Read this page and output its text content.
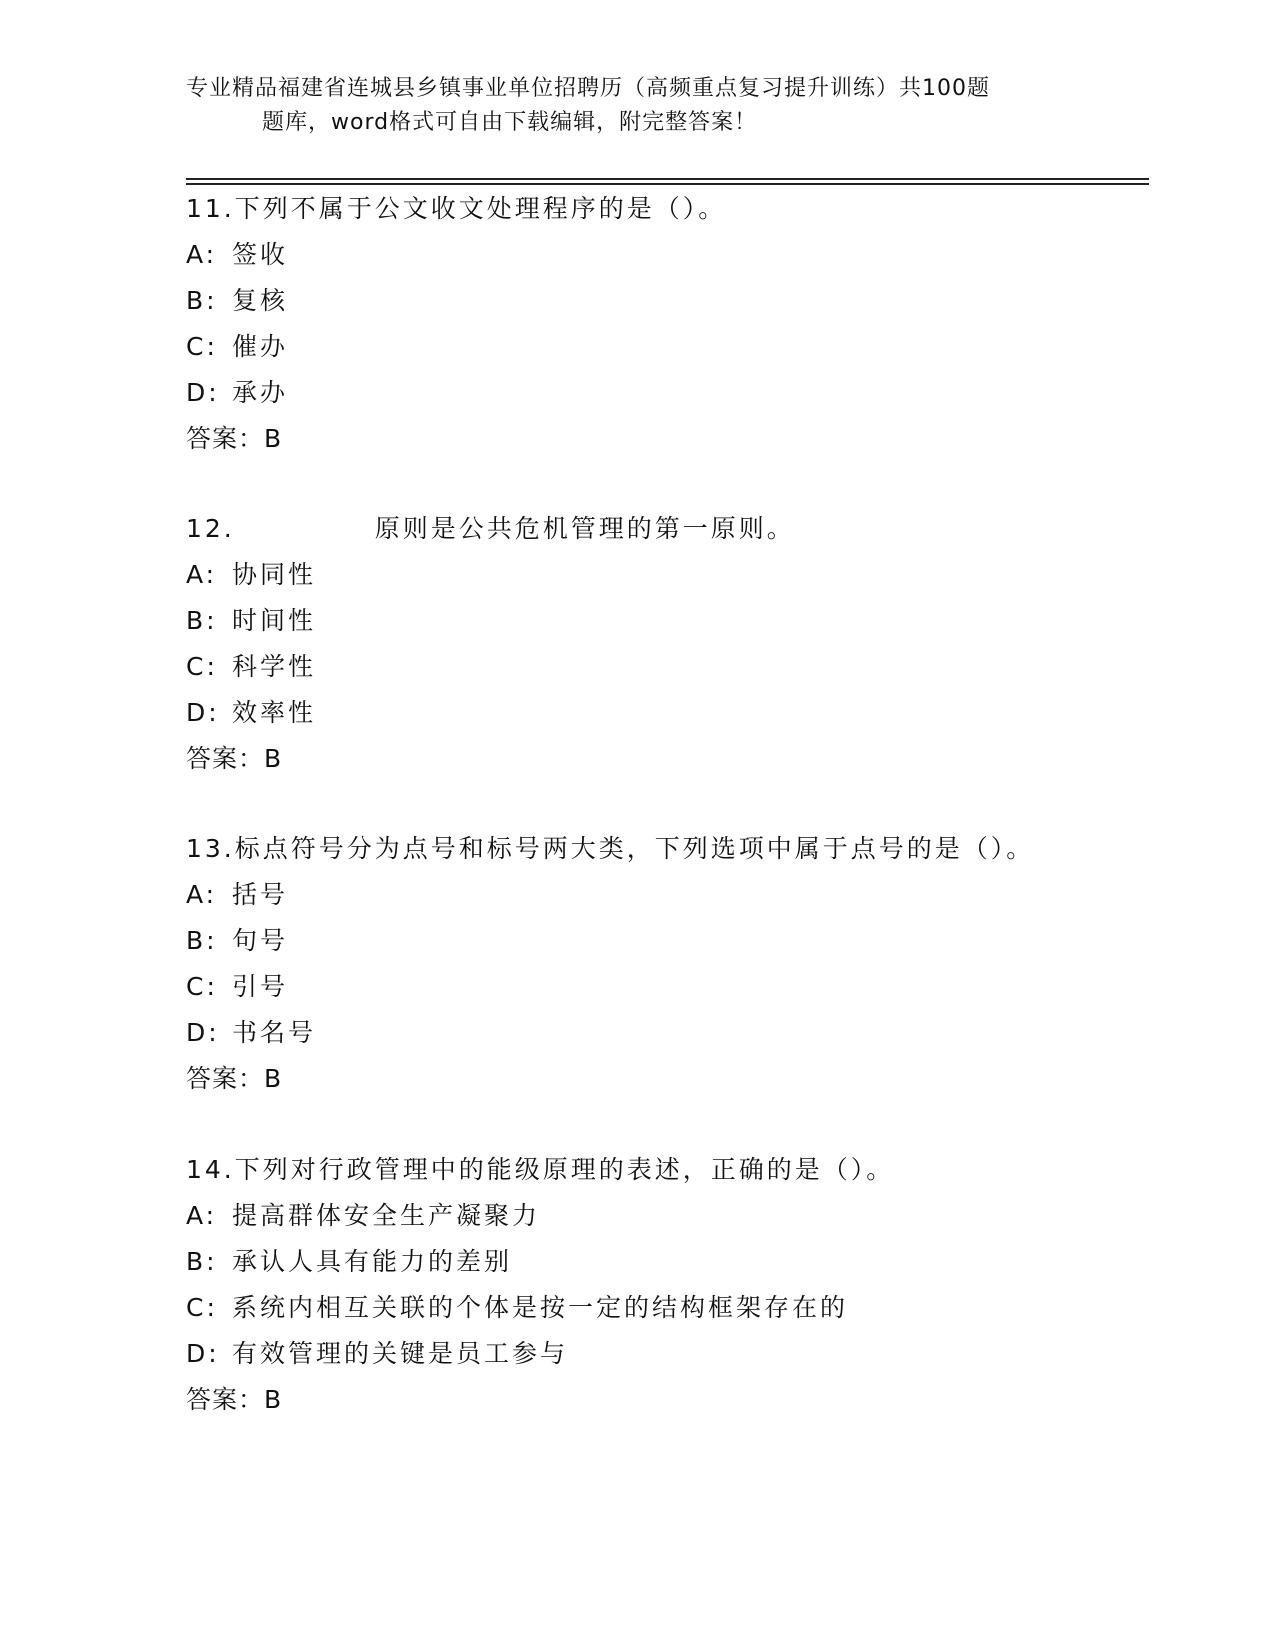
专业精品福建省连城县乡镇事业单位招聘历（高频重点复习提升训练）共100题
题库，word格式可自由下载编辑，附完整答案！
11.下列不属于公文收文处理程序的是（）。
A: 签收
B: 复核
C: 催办
D: 承办
答案：B
12.	原则是公共危机管理的第一原则。
A: 协同性
B: 时间性
C: 科学性
D: 效率性
答案：B
13.标点符号分为点号和标号两大类，下列选项中属于点号的是（）。
A: 括号
B: 句号
C: 引号
D: 书名号
答案：B
14.下列对行政管理中的能级原理的表述，正确的是（）。
A: 提高群体安全生产凝聚力
B: 承认人具有能力的差别
C: 系统内相互关联的个体是按一定的结构框架存在的
D: 有效管理的关键是员工参与
答案：B
